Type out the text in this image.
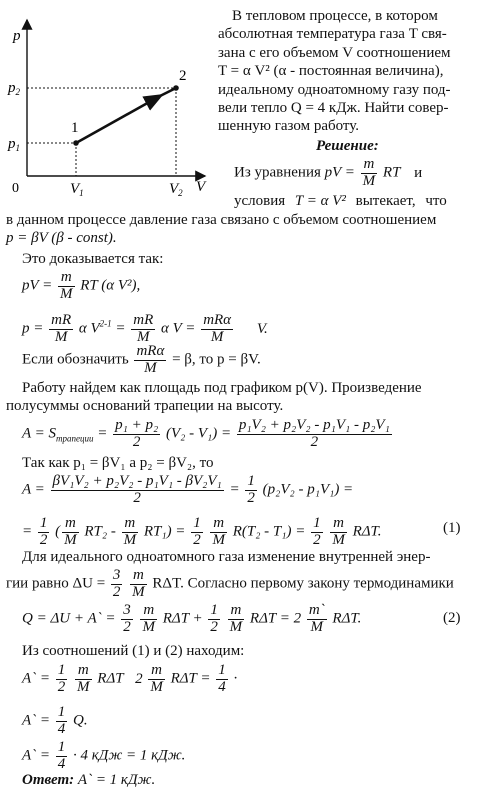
p
$p_2$
$p_1$
0	$V_1$	$V_2$ V
1
2
В тепловом процессе, в котором
абсолютная температура газа T свя-
зана с его объемом V соотношением
T = α V² (α - постоянная величина),
идеальному одноатомному газу под-
вели тепло Q = 4 кДж. Найти совер-
шенную газом работу.
Решение:
Из уравнения pV = $\frac{m}{M}$ RT и
условия T = α V² вытекает, что
в данном процессе давление газа связано с объемом соотношением
p = βV (β - const).
Это доказывается так:
pV = $\frac{m}{M}$ RT (α V²),
$p = \frac{mR}{M}$ α $V^{2-1} = \frac{mR}{M}$ α $V = \frac{\text{mRα}}{M} V$.
Если обозначить $\frac{\text{mRα}}{M} = \beta$, то p = βV.
Работу найдем как площадь под графиком p(V). Произведение
полусуммы оснований трапеции на высоту.
$A = S_{трапеции} = \frac{\text{p₁ + p₂}}{2} (V_2 - V_1) = \frac{\text{p₁V₂ + p₂V₂ - p₁V₁ - p₂V₁}}{2}$
Так как p₁ = βV₁ a p₂ = βV₂, то
$A = \frac{\text{βV₁V₂ + p₂V₂ - p₁V₁ - βV₂V₁}}{2} = \frac{1}{2} (p_2V_2 - p_1V_1)$ =
= $\frac{1}{2}$ ( $\frac{m}{M} RT_2 - \frac{m}{M} RT_1) = \frac{1}{2}$
$\frac{m}{M} R(T_2 - T_1) = \frac{1}{2}$
$\frac{m}{M} R\Delta T$.	(1)
Для идеального одноатомного газа изменение внутренней энер-
гии равно $\Delta U = \frac{3}{2}$
$\frac{m}{M} R\Delta T$. Согласно первому закону термодинамики
Q = ΔU + A` = $\frac{3}{2}$
$\frac{m}{M}$ $R\Delta T + \frac{1}{2}$
$\frac{m}{M}$ $R\Delta T = 2 \frac{m`}{M} R\Delta T$.	(2)
Из соотношений (1) и (2) находим:
A` = $\frac{1}{2}$
$\frac{m}{M}$ RΔT $2 \frac{m}{M}$ $R\Delta T = \frac{1}{4}$ ·
A` = $\frac{1}{4} Q$.
A` = $\frac{1}{4} \cdot 4$ кДж = 1 кДж.
Ответ: A` = 1 кДж.
